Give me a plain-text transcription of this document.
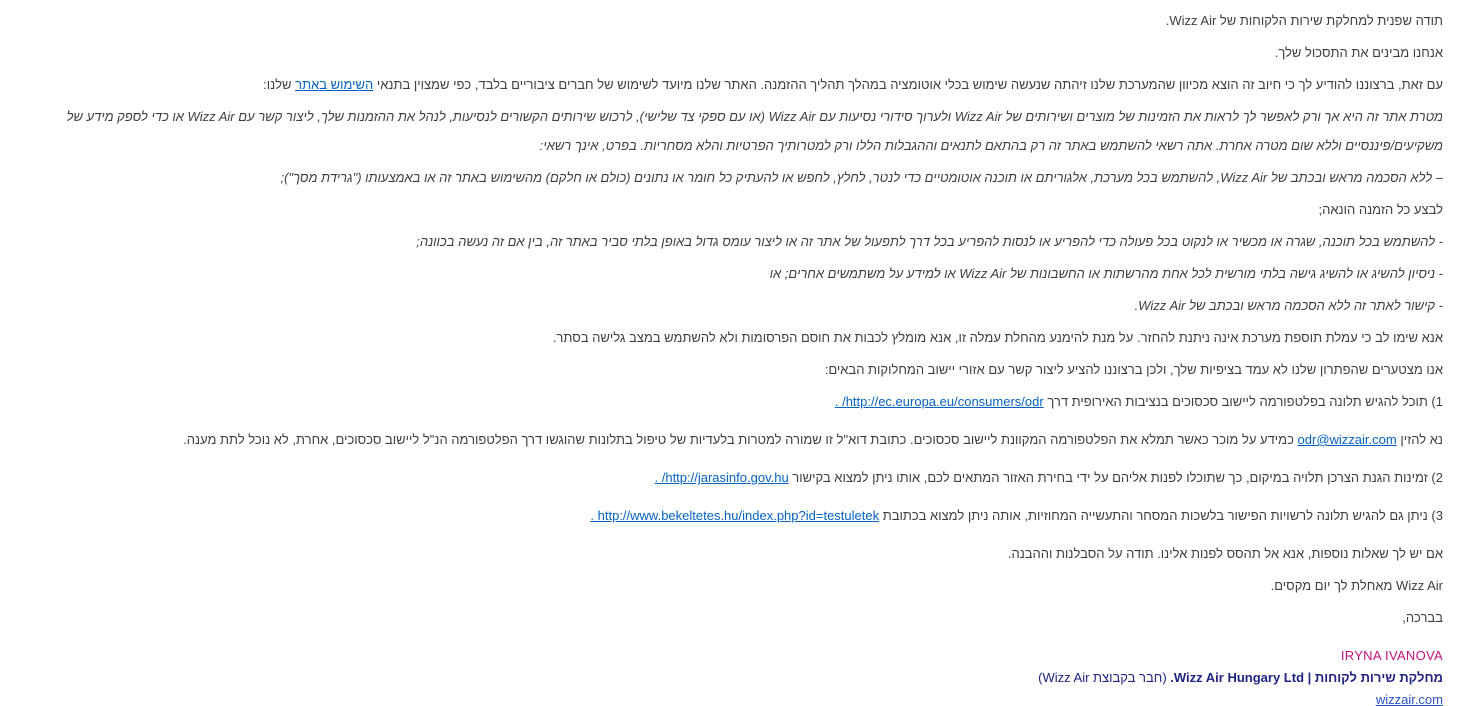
תודה שפנית למחלקת שירות הלקוחות של Wizz Air.

אנחנו מבינים את התסכול שלך.

עם זאת, ברצוננו להודיע לך כי חיוב זה הוצא מכיוון שהמערכת שלנו זיהתה שנעשה שימוש בכלי אוטומציה במהלך תהליך ההזמנה. האתר שלנו מיועד לשימוש של חברים ציבוריים בלבד, כפי שמצוין בתנאי השימוש באתר שלנו:

מטרת אתר זה היא אך ורק לאפשר לך לראות את הזמינות של מוצרים ושירותים של Wizz Air ולערוך סידורי נסיעות עם Wizz Air (או עם ספקי צד שלישי), לרכוש שירותים הקשורים לנסיעות, לנהל את ההזמנות שלך, ליצור קשר עם Wizz Air או כדי לספק מידע של משקיעים/פיננסיים וללא שום מטרה אחרת. אתה רשאי להשתמש באתר זה רק בהתאם לתנאים וההגבלות הללו ורק למטרותיך הפרטיות והלא מסחריות. בפרט, אינך רשאי:

– ללא הסכמה מראש ובכתב של Wizz Air, להשתמש בכל מערכת, אלגוריתם או תוכנה אוטומטיים כדי לנטר, לחלץ, לחפש או להעתיק כל חומר או נתונים (כולם או חלקם) מהשימוש באתר זה או באמצעותו ("גרידת מסך");

לבצע כל הזמנה הונאה;

- להשתמש בכל תוכנה, שגרה או מכשיר או לנקוט בכל פעולה כדי להפריע או לנסות להפריע בכל דרך לתפעול של אתר זה או ליצור עומס גדול באופן בלתי סביר באתר זה, בין אם זה נעשה בכוונה;

- ניסיון להשיג או להשיג גישה בלתי מורשית לכל אחת מהרשתות או החשבונות של Wizz Air או למידע על משתמשים אחרים; או

- קישור לאתר זה ללא הסכמה מראש ובכתב של Wizz Air.

אנא שימו לב כי עמלת תוספת מערכת אינה ניתנת להחזר. על מנת להימנע מהחלת עמלה זו, אנא מומלץ לכבות את חוסם הפרסומות ולא להשתמש במצב גלישה בסתר.

אנו מצטערים שהפתרון שלנו לא עמד בציפיות שלך, ולכן ברצוננו להציע ליצור קשר עם אזורי יישוב המחלוקות הבאים:

1) תוכל להגיש תלונה בפלטפורמה ליישוב סכסוכים בנציבות האירופית דרך http://ec.europa.eu/consumers/odr/ .

נא להזין odr@wizzair.com כמידע על מוכר כאשר תמלא את הפלטפורמה המקוונת ליישוב סכסוכים. כתובת דוא"ל זו שמורה למטרות בלעדיות של טיפול בתלונות שהוגשו דרך הפלטפורמה הנ"ל ליישוב סכסוכים, אחרת, לא נוכל לתת מענה.

2) זמינות הגנת הצרכן תלויה במיקום, כך שתוכלו לפנות אליהם על ידי בחירת האזור המתאים לכם, אותו ניתן למצוא בקישור http://jarasinfo.gov.hu/ .

3) ניתן גם להגיש תלונה לרשויות הפישור בלשכות המסחר והתעשייה המחוזיות, אותה ניתן למצוא בכתובת http://www.bekeltetes.hu/index.php?id=testuletek .

אם יש לך שאלות נוספות, אנא אל תהסס לפנות אלינו. תודה על הסבלנות וההבנה.

Wizz Air מאחלת לך יום מקסים.

בברכה,

IRYNA IVANOVA
מחלקת שירות לקוחות | Wizz Air Hungary Ltd. (חבר בקבוצת Wizz Air)
wizzair.com
